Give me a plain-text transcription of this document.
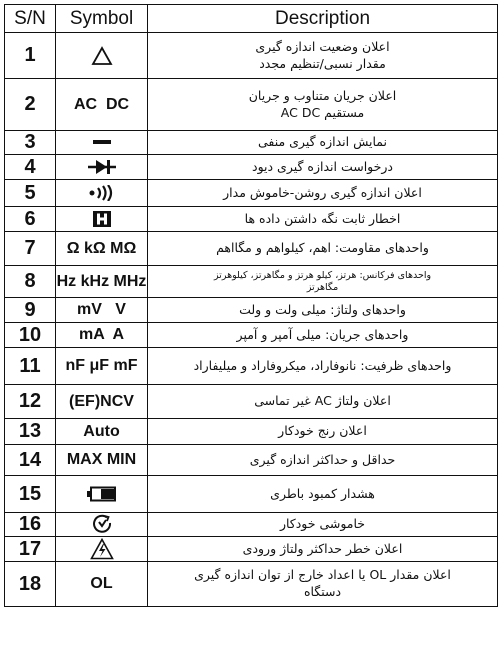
S/N	Symbol	Description
1		اعلان وضعیت اندازه گیری
مقدار نسبی/تنظیم مجدد

2	AC  DC	اعلان جریان متناوب و جریان
مستقیم AC DC

3		نمایش اندازه گیری منفی

4		درخواست اندازه گیری دیود

5		اعلان اندازه گیری روشن-خاموش مدار

6		اخطار ثابت نگه داشتن داده ها

7	Ω kΩ MΩ	واحدهای مقاومت: اهم، کیلواهم و مگااهم

8	Hz kHz MHz	واحدهای فرکانس: هرتز، کیلو هرتز و مگاهرتز، کیلوهرتز
مگاهرتز

9	mV   V	واحدهای ولتاژ: میلی ولت و ولت

10	mA  A	واحدهای جریان: میلی آمپر و آمپر

11	nF μF mF	واحدهای ظرفیت: نانوفاراد، میکروفاراد و میلیفاراد

12	(EF)NCV	اعلان ولتاژ AC غیر تماسی

13	Auto	اعلان رنج خودکار

14	MAX MIN	حداقل و حداکثر اندازه گیری

15		هشدار کمبود باطری

16		خاموشی خودکار

17		اعلان خطر حداکثر ولتاژ ورودی

18	OL	اعلان مقدار OL یا اعداد خارج از توان اندازه گیری
دستگاه
